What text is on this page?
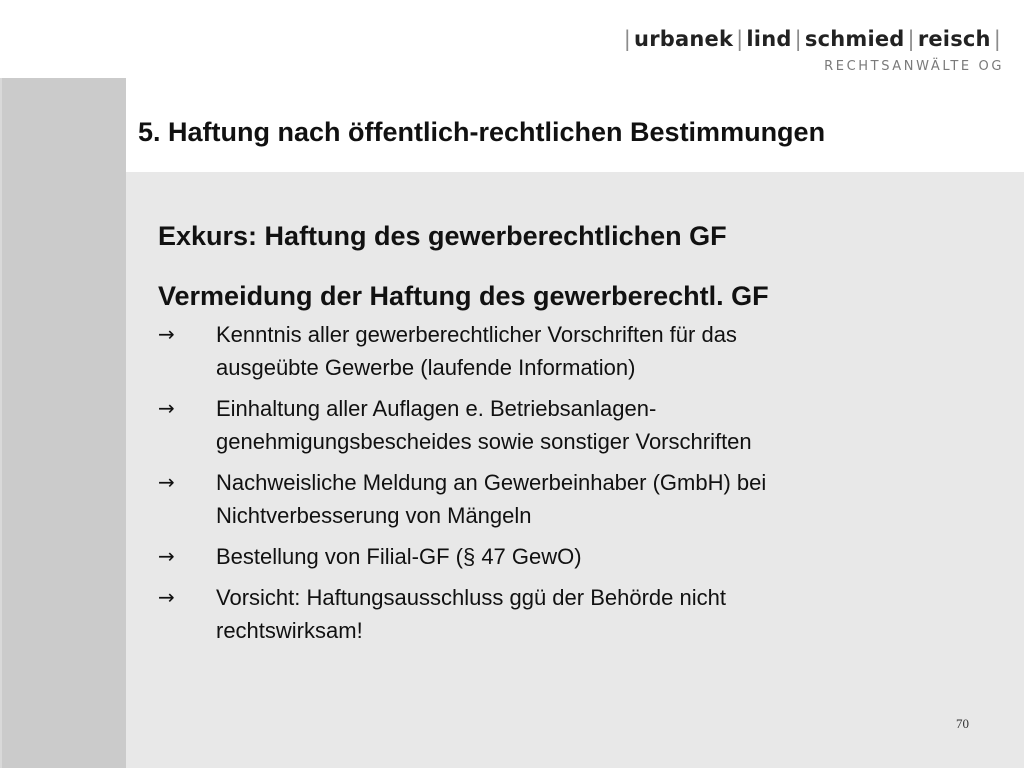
| urbanek | lind | schmied | reisch |
RECHTSANWÄLTE OG
5. Haftung nach öffentlich-rechtlichen Bestimmungen
Exkurs: Haftung des gewerberechtlichen GF
Vermeidung der Haftung des gewerberechtl. GF
→	Kenntnis aller gewerberechtlicher Vorschriften für das
ausgeübte Gewerbe (laufende Information)
→	Einhaltung aller Auflagen e. Betriebsanlagen-
genehmigungsbescheides sowie sonstiger Vorschriften
→	Nachweisliche Meldung an Gewerbeinhaber (GmbH) bei
Nichtverbesserung von Mängeln
→	Bestellung von Filial-GF (§ 47 GewO)
→	Vorsicht: Haftungsausschluss ggü der Behörde nicht
rechtswirksam!
70
